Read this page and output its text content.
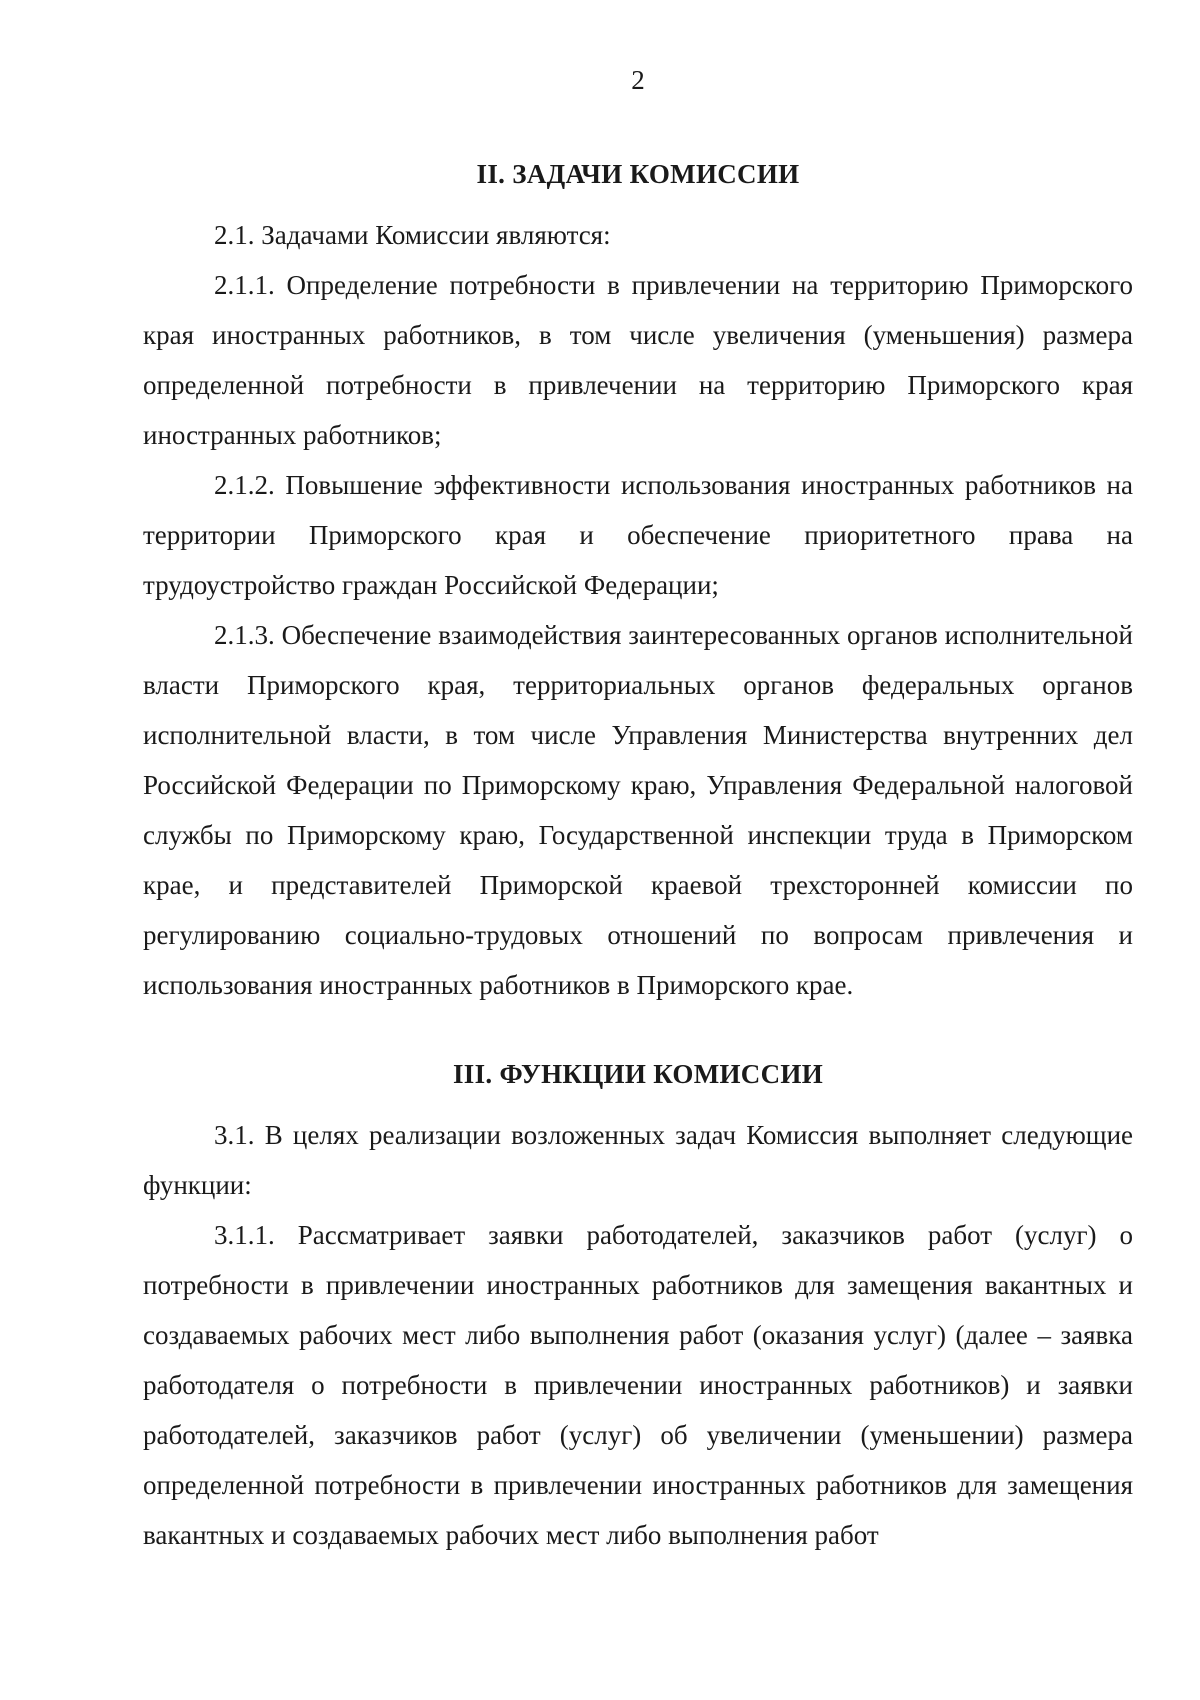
2
II. ЗАДАЧИ КОМИССИИ

2.1. Задачами Комиссии являются:

2.1.1. Определение потребности в привлечении на территорию Приморского края иностранных работников, в том числе увеличения (уменьшения) размера определенной потребности в привлечении на территорию Приморского края иностранных работников;

2.1.2. Повышение эффективности использования иностранных работников на территории Приморского края и обеспечение приоритетного права на трудоустройство граждан Российской Федерации;

2.1.3. Обеспечение взаимодействия заинтересованных органов исполнительной власти Приморского края, территориальных органов федеральных органов исполнительной власти, в том числе Управления Министерства внутренних дел Российской Федерации по Приморскому краю, Управления Федеральной налоговой службы по Приморскому краю, Государственной инспекции труда в Приморском крае, и представителей Приморской краевой трехсторонней комиссии по регулированию социально-трудовых отношений по вопросам привлечения и использования иностранных работников в Приморского крае.

III. ФУНКЦИИ КОМИССИИ

3.1. В целях реализации возложенных задач Комиссия выполняет следующие функции:

3.1.1. Рассматривает заявки работодателей, заказчиков работ (услуг) о потребности в привлечении иностранных работников для замещения вакантных и создаваемых рабочих мест либо выполнения работ (оказания услуг) (далее – заявка работодателя о потребности в привлечении иностранных работников) и заявки работодателей, заказчиков работ (услуг) об увеличении (уменьшении) размера определенной потребности в привлечении иностранных работников для замещения вакантных и создаваемых рабочих мест либо выполнения работ
